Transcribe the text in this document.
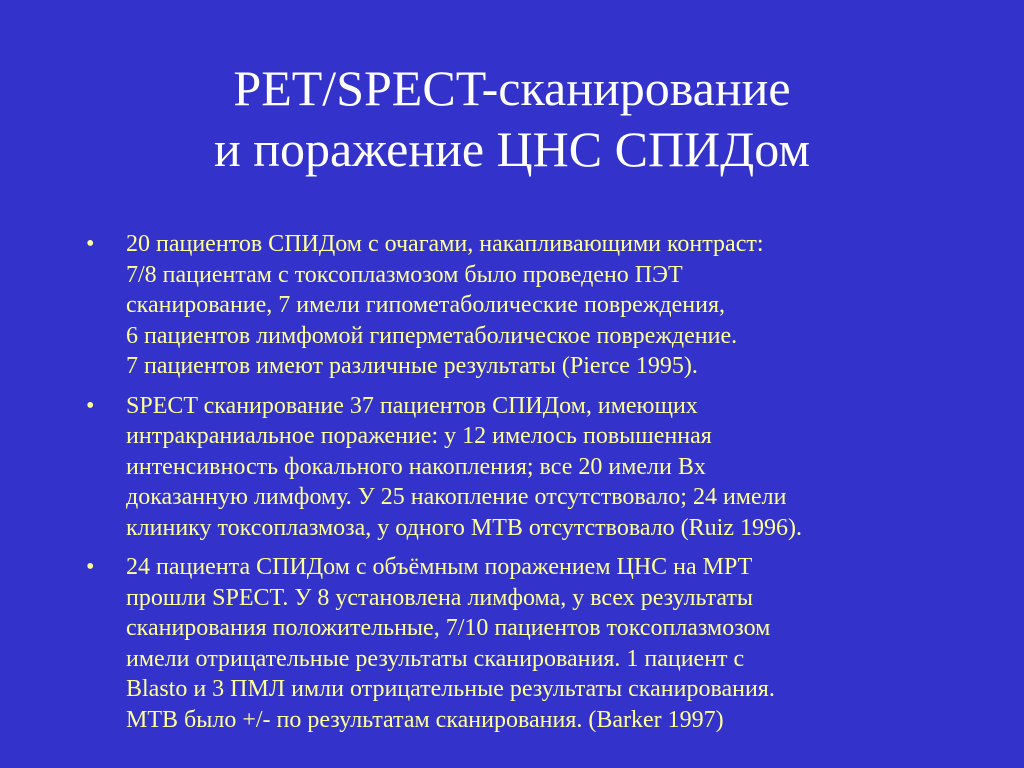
PET/SPECT-сканирование
и поражение ЦНС СПИДом
• 20 пациентов СПИДом с очагами, накапливающими контраст:
7/8 пациентам с токсоплазмозом было проведено ПЭТ
сканирование, 7 имели гипометаболические повреждения,
6 пациентов лимфомой гиперметаболическое повреждение.
7 пациентов имеют различные результаты (Pierce 1995).
• SPECT сканирование 37 пациентов СПИДом, имеющих
интракраниальное поражение: у 12 имелось повышенная
интенсивность фокального накопления; все 20 имели Bx
доказанную лимфому. У 25 накопление отсутствовало; 24 имели
клинику токсоплазмоза, у одного МТВ отсутствовало (Ruiz 1996).
• 24 пациента СПИДом с объёмным поражением ЦНС на МРТ
прошли SPECT. У 8 установлена лимфома, у всех результаты
сканирования положительные, 7/10 пациентов токсоплазмозом
имели отрицательные результаты сканирования. 1 пациент с
Blasto и 3 ПМЛ имли отрицательные результаты сканирования.
МТВ было +/- по результатам сканирования. (Barker 1997)
